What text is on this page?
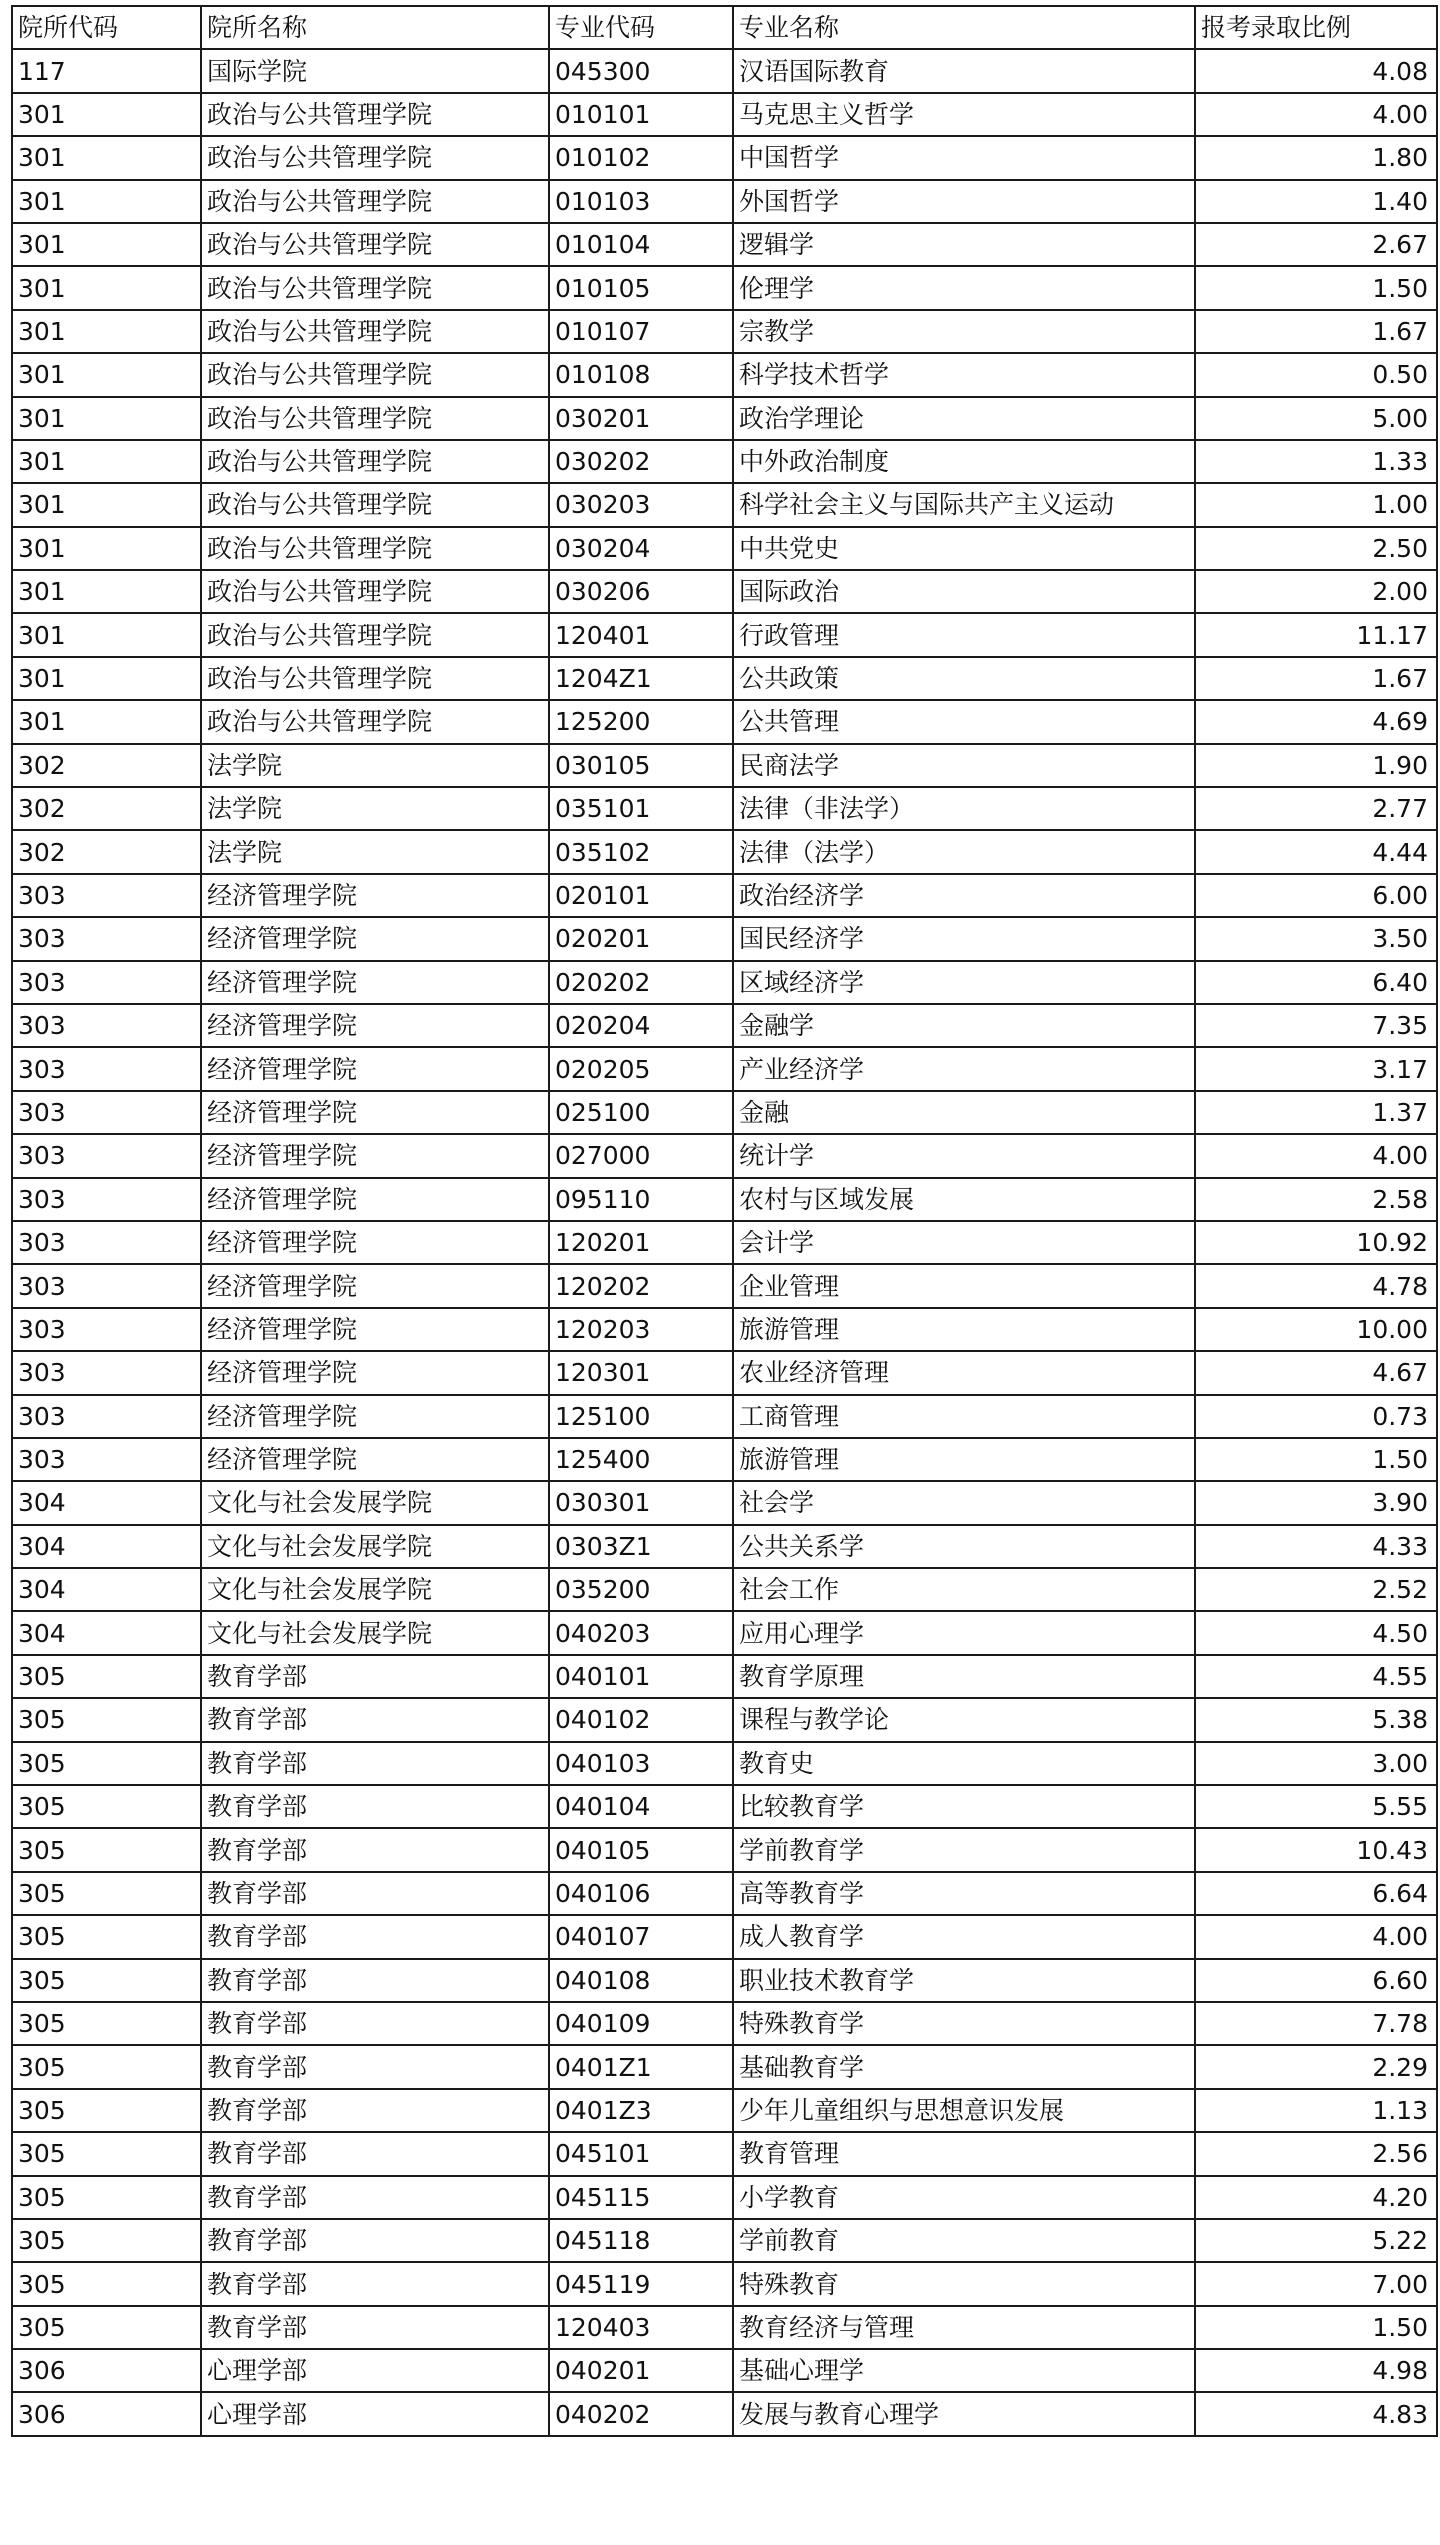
院所代码	院所名称	专业代码	专业名称	报考录取比例
117	国际学院	045300	汉语国际教育	4.08
301	政治与公共管理学院	010101	马克思主义哲学	4.00
301	政治与公共管理学院	010102	中国哲学	1.80
301	政治与公共管理学院	010103	外国哲学	1.40
301	政治与公共管理学院	010104	逻辑学	2.67
301	政治与公共管理学院	010105	伦理学	1.50
301	政治与公共管理学院	010107	宗教学	1.67
301	政治与公共管理学院	010108	科学技术哲学	0.50
301	政治与公共管理学院	030201	政治学理论	5.00
301	政治与公共管理学院	030202	中外政治制度	1.33
301	政治与公共管理学院	030203	科学社会主义与国际共产主义运动	1.00
301	政治与公共管理学院	030204	中共党史	2.50
301	政治与公共管理学院	030206	国际政治	2.00
301	政治与公共管理学院	120401	行政管理	11.17
301	政治与公共管理学院	1204Z1	公共政策	1.67
301	政治与公共管理学院	125200	公共管理	4.69
302	法学院	030105	民商法学	1.90
302	法学院	035101	法律（非法学）	2.77
302	法学院	035102	法律（法学）	4.44
303	经济管理学院	020101	政治经济学	6.00
303	经济管理学院	020201	国民经济学	3.50
303	经济管理学院	020202	区域经济学	6.40
303	经济管理学院	020204	金融学	7.35
303	经济管理学院	020205	产业经济学	3.17
303	经济管理学院	025100	金融	1.37
303	经济管理学院	027000	统计学	4.00
303	经济管理学院	095110	农村与区域发展	2.58
303	经济管理学院	120201	会计学	10.92
303	经济管理学院	120202	企业管理	4.78
303	经济管理学院	120203	旅游管理	10.00
303	经济管理学院	120301	农业经济管理	4.67
303	经济管理学院	125100	工商管理	0.73
303	经济管理学院	125400	旅游管理	1.50
304	文化与社会发展学院	030301	社会学	3.90
304	文化与社会发展学院	0303Z1	公共关系学	4.33
304	文化与社会发展学院	035200	社会工作	2.52
304	文化与社会发展学院	040203	应用心理学	4.50
305	教育学部	040101	教育学原理	4.55
305	教育学部	040102	课程与教学论	5.38
305	教育学部	040103	教育史	3.00
305	教育学部	040104	比较教育学	5.55
305	教育学部	040105	学前教育学	10.43
305	教育学部	040106	高等教育学	6.64
305	教育学部	040107	成人教育学	4.00
305	教育学部	040108	职业技术教育学	6.60
305	教育学部	040109	特殊教育学	7.78
305	教育学部	0401Z1	基础教育学	2.29
305	教育学部	0401Z3	少年儿童组织与思想意识发展	1.13
305	教育学部	045101	教育管理	2.56
305	教育学部	045115	小学教育	4.20
305	教育学部	045118	学前教育	5.22
305	教育学部	045119	特殊教育	7.00
305	教育学部	120403	教育经济与管理	1.50
306	心理学部	040201	基础心理学	4.98
306	心理学部	040202	发展与教育心理学	4.83
